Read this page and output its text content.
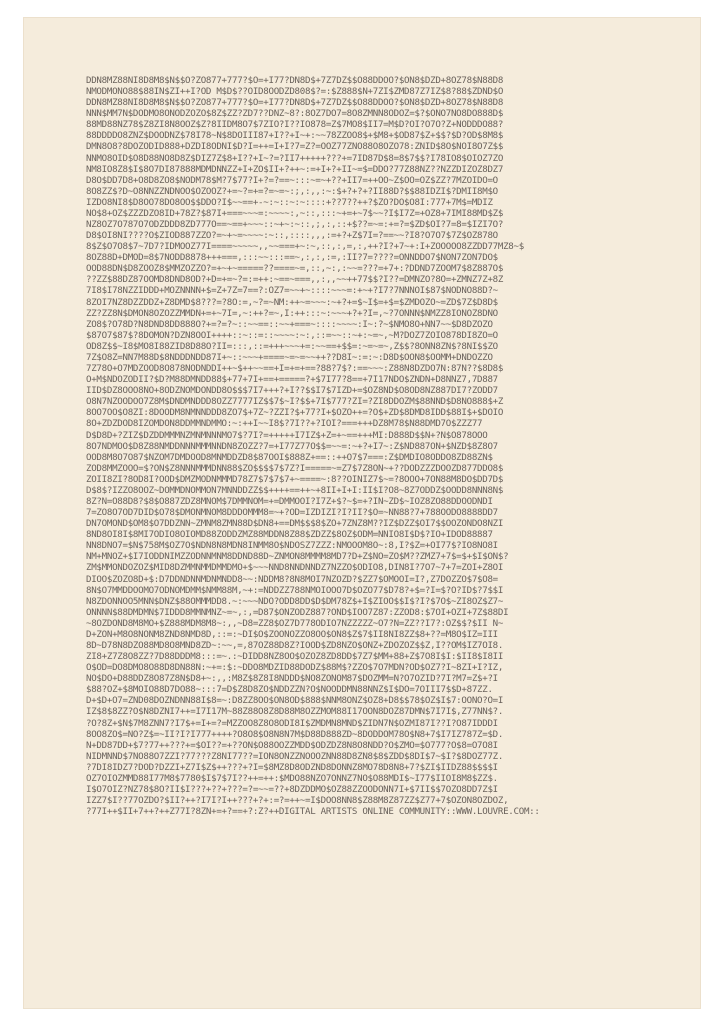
DDN8MZ88NI8D8M8$N$$O?ZO877+777?$O=+I77?DN8D$+7Z7DZ$$O88DDOO?$ON8$DZD+8OZ78$N88D8
NMODMONO88$88IN$ZI++I?OD M$D$??OID8OODZD808$?=:$Z888$N+7ZI$ZMD87Z7IZ$8?88$ZDND$O
DDN8MZ88NI8D8M8$N$$O?ZO877+777?$O=+I77?DN8D$+7Z7DZ$$O88DDOO?$ON8$DZD+8OZ78$N88D8
NNN$MM7N$DODMO8ONODZOZO$8Z$ZZ?ZD7??DNZ~8?:8OZ7DO7=8O8ZMNN8ODOZ=$?$ONO7NO8DO888D$
88MD88NZ78$Z8ZI8N8OOZ$Z?8IIDM8O7$7ZIO?I??IO878=Z$7MO8$II7=M$D?OI?O7O?Z+NODDDO88?
88DDDDO8ZNZ$DOODNZ$78I78~N$8DOIII87+I??+I~+:~~78ZZOO8$+$M8+$OD87$Z+$$?$D?OD$8M8$
DMN8O8?8DOZODID888+DZDI8ODNI$D?I=++=I+I?7=Z?=OOZ77ZNO88O8OZO78:ZNID$8O$NOI8O7Z$$
NNMO8OID$O8D88NO8D8Z$DIZ7Z$8+I??+I~?=?II7+++++???+=7ID87D$8=8$7$$?I78IO8$OIOZ7ZO
NM8IO8Z8$I$8O7DI87888MDMDNNZZ+I+ZO$II+?++~:=+I+?+II~=$=DDO?77Z88NZ??NZZDIZOZ8DZ7
D8O$DD7D8+O8D8ZO8$NODM78$M?7$77?I+?=?==~:::~=~+??+II7=++OO~Z$OO=OZ$ZZ?7MZOIDO=O
8O8ZZ$?D~O8NNZZNDNOO$OZOOZ?+=~?=+=?=~=~:;,:,,:~:$+?+?+?II88D?$$88IDZI$?DMII8M$O
IZDO8NI8$D8OO78DO8OO$$DDO?I$~~==+-~:~::~:~::::+??7??++?$ZO?DO$O8I:777+7M$=MDIZ
NO$8+OZ$ZZZDZO8ID+78Z?$87I+===~~~=:~~~~:,~::,:::~+=+~7$~~?I$I7Z=+OZ8+7IMI88MD$Z$
NZ8OZ7O787O7ODZDDD8ZD777O==~==+~~~::~+~:~::,;,:,::+$??=~=:+=?=$ZD$OI?7=8=$IZI7O?
D8$OI8NI????O$ZIOD887ZZO?=~+~=~~~~:~::,::::,,,:=+?+Z$7I=?==~~?I8?O7O7$7Z$OZ878O
8$Z$O7O8$7~7D7?IDMOOZ77I====~~~~~,,~~===+~:~,::,:,=,:,++?I?+7~+:I+ZOOOOO8ZZDD77MZ8~$
8OZ88D+DMOD=8$7NODD8878+++===,:::~~:::==~,:,:,:=,:II?7=????=ONNDDO7$NON7ZON7DO$
OOD88DN$D8ZOOZ8$MMZOZZO?=+~+~=====??====~=,::,~:,:~~=???=+7+:?DDND7ZOOM7$8Z887O$
??ZZ$88DZ87OOMD8DND8OD?+D=+=~?=:=++:~==~===,,:,,~~++77$$?I??=DMNZO?8O=+ZMNZ7Z+8Z
7I8$I78NZZIDDD+MOZNNNN+$=Z+7Z=7==?:OZ7=~~+~::::~~~=:+~+?I7?7NNNOI$87$NODNO88D?~
8ZOI7NZ8DZZDDZ+Z8DMD$8???=?8O:=,~?=~NM:++~=~~~:~+?+=$~I$=+$=$ZMDOZO~=ZD$7Z$D8D$
ZZ?ZZ8N$DMON8OZOZZMMDN+=+~7I=,~:++?=~,I:++:::~:~~~+?+?I=,~?7ONNN$NMZZ8IONOZ8DNO
ZO8$?O78D?N8DND8DD888O?+=?=?~::~~==::~~+===~::::~~~~:I~:?~$NMO8O+NN7~~$D8DZOZO
$87O7$87$?8DOMON?DZN8OOI++++::~::=::~~~~:~:,::=~~::~+:~=~,~M?DOZ7ZOIO878DI8ZO=O
OD8Z$$~I8$MO8I88ZID8D88O?II=:::,::=+++~~~+=:~~==+$$=:~=~=~,Z$$?8ONN8ZN$?8NI$$ZO
7Z$O8Z=NN7M88D$8NDDDNDD87I+~::~~~+====~=~=~~++??D8I~:=:~:D8D$OON8$OOMM+DNDOZZO
7Z78O+O7MDZOOD8O878NODNDDI++~$++~~==+I=+=+==?88?7$?:==~~~:Z88N8DZDO7N:87N??$8D8$
O+M$NDOZODII?$D?M88DMNDD88$+77+7I+==+=====?+$7I77?8==+7I17NDO$ZNDN+D8NNZ7,7D887
IID$DZ8OOO8NO+8ODZNOMDONDD8O$$$7I7+++?+I??$$I7$7IZD+=$OZ8ND$O8OD8NZ887DI7?ZODD7
O8N7NZOODOO7Z8M$DNDMNDDD8OZZ7777IZ$$7$~I?$$+7I$777?ZI=?ZI8DDOZM$88NND$D8NO888$+Z
8OO7OO$O8ZI:8DOODM8NMNNDDD8ZO7$+7Z~?ZZI?$+77?I+$OZO++=?O$+ZD$8DMD8IDD$88I$+$DOIO
8O+ZDZDOD8IZOMDON8DDMMNDMMO:~:++I~~I8$?7I??+?IOI?===+++DZ8M78$N88DMD7O$ZZZ77
D$D8D+?ZIZ$DZDDMMMNZMNMNNNMO7$?7I?=+++++I7IZ$+Z=+~==+++MI:D888D$$N+?N$O878OOO
8O7NDMOO$D8Z88NMDDNNNMMMNNDN8ZOZZ?7=+I77Z77O$$=~~=:~+?+I7~:Z$ND887ON+$NZD$8Z8O7
OOD8M8O7O87$NZOM7DMDOOD8MNMDDZD8$87OOI$888Z+==::++O7$7===:Z$DMDIO8ODDO8ZD88ZN$
ZOD8MMZOOO=$?ON$Z8NNNMMMDNN88$ZO$$$$7$7Z?I=====~=Z7$7Z8ON~+??DODZZZDOOZD877DDO8$
ZOII8ZI?8OD8I?OOD$DMZMODNMMMD78Z7$7$7$7+~====~:8??OINIZ7$~=?8OOO+7ON88M8DO$DD7D$
D$8$?IZZO8OOZ~DOMMDNOMMON7MNNDDZZ$$++++==++~+8II+I+I:II$I?O8~8Z7ODDZ$OODD8NNN8N$
8Z?N=O88D8?$8$O887ZDZ8MNOM$7DMMNOM=+=DMMOOI?I7Z+$?~$=+?IN~ZD$~IOZ8ZO88DDOODNDI
7=ZO8O7OD7DID$O78$DMONMNOM8DDDOMMM8=~+?OD=IZDIZI?I?II?$O=~NN88?7+788OODO8888DD7
DN7OMOND$OM8$O7DDZNN~ZMNM8ZMN88D$DN8+==DM$$$8$ZO+7ZNZ8M??IZ$DZZ$OI7$$OOZONDO8NZI
8ND8OI8I$8MI7ODIO8OIOMD88ZODDZMZ88MDDN8Z88$ZDZZ$8OZ$ODM=NNIO8I$D$?IO+IDOD88887
NN8DNO7=$N$758M$OZ7O$NDN8N8MDN8INMM8O$NDOSZ7ZZZ:NMOOOM8O~:8,I?$Z=+OI77$?IO8NO8I
NM+MNOZ+$I7IODDNIMZZODNNMNM8DDND88D~ZNMON8MMMM8MD7?D+Z$NO=ZO$M??ZMZ7+7$=$+$I$ON$?
ZM$MMONDOZOZ$MID8DZMMNMMDMMDMO+$~~~NND8NNDNNDZ7NZZO$ODIO8,DIN8I?7O7~7+7=ZOI+Z8OI
DIOO$ZOZO8D+$:D7DDNDNNMDNMNDD8~~:NDDM8?8N8MOI7NZOZD?$ZZ7$OMOOI=I?,Z7DOZZO$7$O8=
8N$O7MMDDOOMO7ODNOMDMM$NMM88M,~+:=NDDZZ788NMOIOOO7D$OZO77$D78?+$=?I=$?O?ID$?7$$I
N8ZDONNOO5MNN$DNZ$88OMMMDD8.~:~~~NDO?ODD8DD$D$DM78Z$+I$ZIOO$$I$?I?$7O$~ZI8OZ$Z7~
ONNNN$88DMDMN$7IDDD8MMNMNZ~=~,:,=D87$ONZODZ887?OND$IOO7Z87:ZZOD8:$7OI+OZI+7Z$88DI
~8OZDOND8M8MO+$Z888MDM8M8~:,,~D8=ZZ8$OZ7D778ODIO7NZZZZZ~O7?N=ZZ??I7?:OZ$$?$II N~
D+ZON+M8O8NONM8ZND8NMD8D,::=:~DI$O$ZOONOZZO8OO$ON8$Z$7$II8NI8ZZ$8+??=M8O$IZ=III
8D~D78N8DZO88MD8O8MND8ZD~:~~,=,87OZ88D8Z?IOOD$ZD8NZO$ONZ+ZDOZOZ$$Z,I??OM$IZ7OI8.
ZI8+Z7Z8O8ZZ?7D88DDDM8:::=~.:~DIDD8NZ8OO$OZOZ8ZD8DD$7Z7$MM+88+Z$7O8I$I:$II8$I8II
O$OD=DO8DMO8O88D8DN88N:~+=:$:~DDO8MDZID88DODZ$88M$?ZZO$7O7MDN?OD$OZ7?I~8ZI+I?IZ,
NO$DO+D88DDZ8O87Z8N$D8+~:,,:M8Z$8Z8I8NDDD$NO8ZONOM87$DOZMM=N?O7OZID?7I?M7=Z$+?I
$88?OZ+$8MOIO88D7DO88~:::7=D$Z8D8ZO$NDDZZN?O$NOODDMN88NNZ$I$DO=7OIII7$$D+87ZZ.
D+$D+O7=ZND08DOZNDNN88I$8=~:D8ZZ8OO$ON8OD$888$NNM8ONZ$OZ8+D8$$78$OZ$I$7:OONO?O=I
IZ$8$8ZZ?O$N8DZNI7++=I7I17M~88Z88O8Z8D88M8OZZMOM88I17OON8DOZ87DMN$7I7I$,Z77NN$?.
?O?8Z+$N$7M8ZNN7?I7$+=I+=?=MZZOO8Z8O8ODI8I$ZMDMN8MND$ZIDN7N$OZMI87I??I?O87IDDDI
8OO8ZO$=NO?Z$=~II?I?I777++++?O8O8$O8N8N7M$D88D888ZD~8DODDOM78O$N8+7$I7IZ787Z=$D.
N+DD87DD+$7?77++???+=$OI??=+??ON$O88OOZZMDD$ODZDZ8N8O8NDD?O$ZMO=$O777?O$8=O7O8I
NIDMNND$7NO88O7ZZI?77???Z8NI77??=ION8ONZZNOOOZNN88D8ZN8$8$ZDD$8DI$7~$I?$8DOZ77Z.
?7DI8IDZ7?DOD?DZZI+Z7I$Z$++???+?I=$8MZ8D8ODZND8DONNZ8MO78D8N8+7?$ZI$IIDZ88$$$$I
OZ7OIOZMMD88I77M8$7780$I$7$7I??++=++:$MDO88NZO7ONNZ7NO$O88MDI$~I77$IIOI8M8$ZZ$.
I$O7OIZ?NZ78$8O?II$I???+??+???=?=~~=??+8DZDDMO$OZ88ZZOODONN7I+$7II$$7OZO8DD7Z$I
IZZ7$I??77OZDO?$II?++?I7I?I++???+?+:=?=++~=I$DOO8NN8$Z88M8Z87ZZ$Z77+7$OZON8OZDOZ,
?77I++$II+7++?++Z77I?8ZN+=+?==+?:Z?++DIGITAL ARTISTS ONLINE COMMUNITY::WWW.LOUVRE.COM::
